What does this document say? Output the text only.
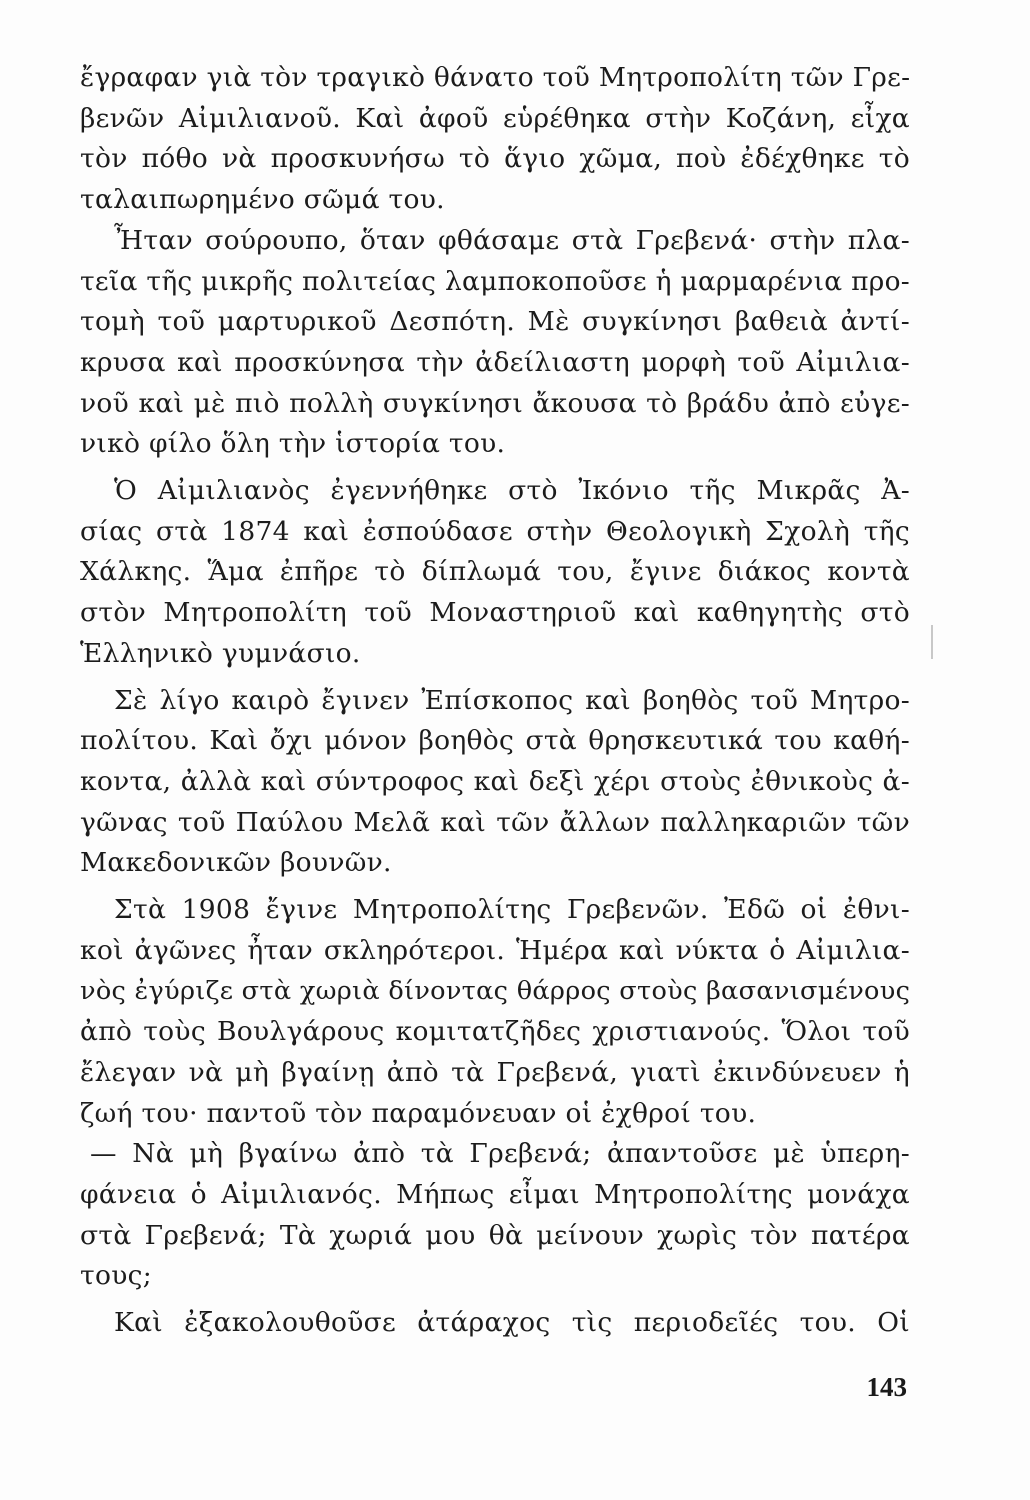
ἔγραφαν γιὰ τὸν τραγικὸ θάνατο τοῦ Μητροπολίτη τῶν Γρε-
βενῶν Αἰμιλιανοῦ. Καὶ ἀφοῦ εὑρέθηκα στὴν Κοζάνη, εἶχα
τὸν πόθο νὰ προσκυνήσω τὸ ἅγιο χῶμα, ποὺ ἐδέχθηκε τὸ
ταλαιπωρημένο σῶμά του.

Ἦταν σούρουπο, ὅταν φθάσαμε στὰ Γρεβενά· στὴν πλα-
τεῖα τῆς μικρῆς πολιτείας λαμποκοποῦσε ἡ μαρμαρένια προ-
τομὴ τοῦ μαρτυρικοῦ Δεσπότη. Μὲ συγκίνησι βαθειὰ ἀντί-
κρυσα καὶ προσκύνησα τὴν ἀδείλιαστη μορφὴ τοῦ Αἰμιλια-
νοῦ καὶ μὲ πιὸ πολλὴ συγκίνησι ἄκουσα τὸ βράδυ ἀπὸ εὐγε-
νικὸ φίλο ὅλη τὴν ἱστορία του.

Ὁ Αἰμιλιανὸς ἐγεννήθηκε στὸ Ἰκόνιο τῆς Μικρᾶς Ἀ-
σίας στὰ 1874 καὶ ἐσπούδασε στὴν Θεολογικὴ Σχολὴ τῆς
Χάλκης. Ἅμα ἐπῆρε τὸ δίπλωμά του, ἔγινε διάκος κοντὰ
στὸν Μητροπολίτη τοῦ Μοναστηριοῦ καὶ καθηγητὴς στὸ
Ἑλληνικὸ γυμνάσιο.

Σὲ λίγο καιρὸ ἔγινεν Ἐπίσκοπος καὶ βοηθὸς τοῦ Μητρο-
πολίτου. Καὶ ὄχι μόνον βοηθὸς στὰ θρησκευτικά του καθή-
κοντα, ἀλλὰ καὶ σύντροφος καὶ δεξὶ χέρι στοὺς ἐθνικοὺς ἀ-
γῶνας τοῦ Παύλου Μελᾶ καὶ τῶν ἄλλων παλληκαριῶν τῶν
Μακεδονικῶν βουνῶν.

Στὰ 1908 ἔγινε Μητροπολίτης Γρεβενῶν. Ἐδῶ οἱ ἐθνι-
κοὶ ἀγῶνες ἦταν σκληρότεροι. Ἡμέρα καὶ νύκτα ὁ Αἰμιλια-
νὸς ἐγύριζε στὰ χωριὰ δίνοντας θάρρος στοὺς βασανισμένους
ἀπὸ τοὺς Βουλγάρους κομιτατζῆδες χριστιανούς. Ὅλοι τοῦ
ἔλεγαν νὰ μὴ βγαίνῃ ἀπὸ τὰ Γρεβενά, γιατὶ ἐκινδύνευεν ἡ
ζωή του· παντοῦ τὸν παραμόνευαν οἱ ἐχθροί του.

— Νὰ μὴ βγαίνω ἀπὸ τὰ Γρεβενά; ἀπαντοῦσε μὲ ὑπερη-
φάνεια ὁ Αἰμιλιανός. Μήπως εἶμαι Μητροπολίτης μονάχα
στὰ Γρεβενά; Τὰ χωριά μου θὰ μείνουν χωρὶς τὸν πατέρα
τους;

Καὶ ἐξακολουθοῦσε ἀτάραχος τὶς περιοδεῖές του. Οἱ

143
